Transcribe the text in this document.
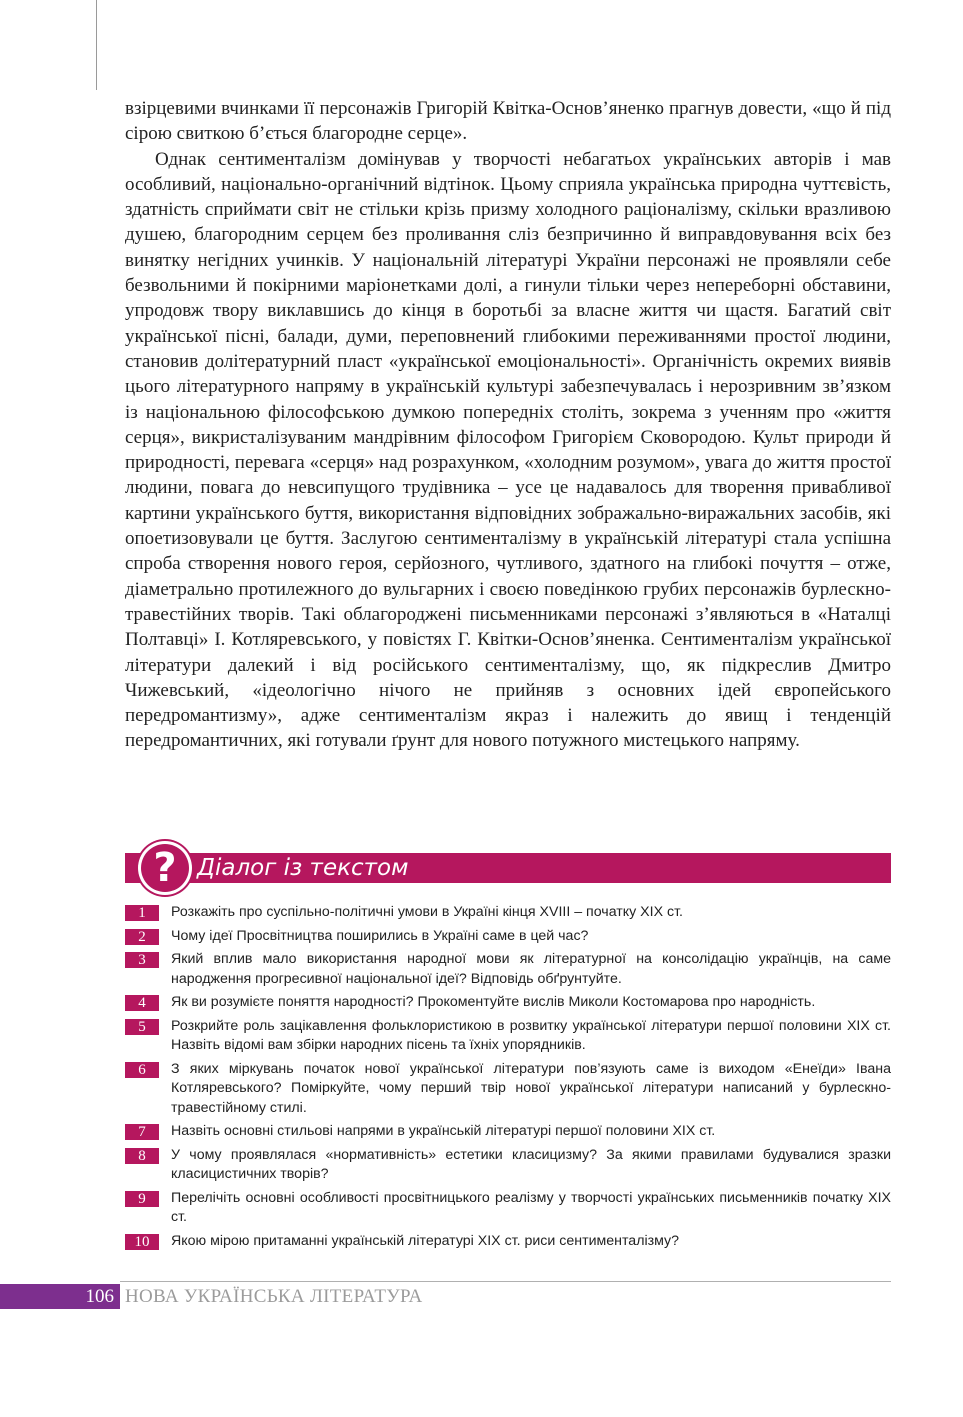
взірцевими вчинками її персонажів Григорій Квітка-Основ’яненко прагнув довести, «що й під сірою свиткою б’ється благородне серце».

Однак сентименталізм домінував у творчості небагатьох українських авторів і мав особливий, національно-органічний відтінок. Цьому сприяла українська природна чуттєвість, здатність сприймати світ не стільки крізь призму холодного раціоналізму, скільки вразливою душею, благородним серцем без проливання сліз безпричинно й виправдовування всіх без винятку негідних учинків. У національній літературі України персонажі не проявляли себе безвольними й покірними маріонетками долі, а гинули тільки через непереборні обставини, упродовж твору виклавшись до кінця в боротьбі за власне життя чи щастя. Багатий світ української пісні, балади, думи, переповнений глибокими переживаннями простої людини, становив долітературний пласт «української емоціональності». Органічність окремих виявів цього літературного напряму в українській культурі забезпечувалась і нерозривним зв’язком із національною філософською думкою попередніх століть, зокрема з ученням про «життя серця», викристалізуваним мандрівним філософом Григорієм Сковородою. Культ природи й природності, перевага «серця» над розрахунком, «холодним розумом», увага до життя простої людини, повага до невсипущого трудівника – усе це надавалось для творення привабливої картини українського буття, використання відповідних зображально-виражальних засобів, які опоетизовували це буття. Заслугою сентименталізму в українській літературі стала успішна спроба створення нового героя, серйозного, чутливого, здатного на глибокі почуття – отже, діаметрально протилежного до вульгарних і своєю поведінкою грубих персонажів бурлескно-травестійних творів. Такі облагороджені письменниками персонажі з’являються в «Наталці Полтавці» І. Котляревського, у повістях Г. Квітки-Основ’яненка. Сентименталізм української літератури далекий і від російського сентименталізму, що, як підкреслив Дмитро Чижевський, «ідеологічно нічого не прийняв з основних ідей європейського передромантизму», адже сентименталізм якраз і належить до явищ і тенденцій передромантичних, які готували ґрунт для нового потужного мистецького напряму.

Діалог із текстом
?
1	Розкажіть про суспільно-політичні умови в Україні кінця XVIII – початку XIX ст.
2	Чому ідеї Просвітництва поширились в Україні саме в цей час?
3	Який вплив мало використання народної мови як літературної на консолідацію українців, на саме народження прогресивної національної ідеї? Відповідь обґрунтуйте.
4	Як ви розумієте поняття народності? Прокоментуйте вислів Миколи Костомарова про народність.
5	Розкрийте роль зацікавлення фольклористикою в розвитку української літератури першої половини XIX ст. Назвіть відомі вам збірки народних пісень та їхніх упорядників.
6	З яких міркувань початок нової української літератури пов’язують саме із виходом «Енеїди» Івана Котляревського? Поміркуйте, чому перший твір нової української літератури написаний у бурлескно-травестійному стилі.
7	Назвіть основні стильові напрями в українській літературі першої половини XIX ст.
8	У чому проявлялася «нормативність» естетики класицизму? За якими правилами будувалися зразки класицистичних творів?
9	Перелічіть основні особливості просвітницького реалізму у творчості українських письменників початку XIX ст.
10	Якою мірою притаманні українській літературі XIX ст. риси сентименталізму?
106 НОВА УКРАЇНСЬКА ЛІТЕРАТУРА
